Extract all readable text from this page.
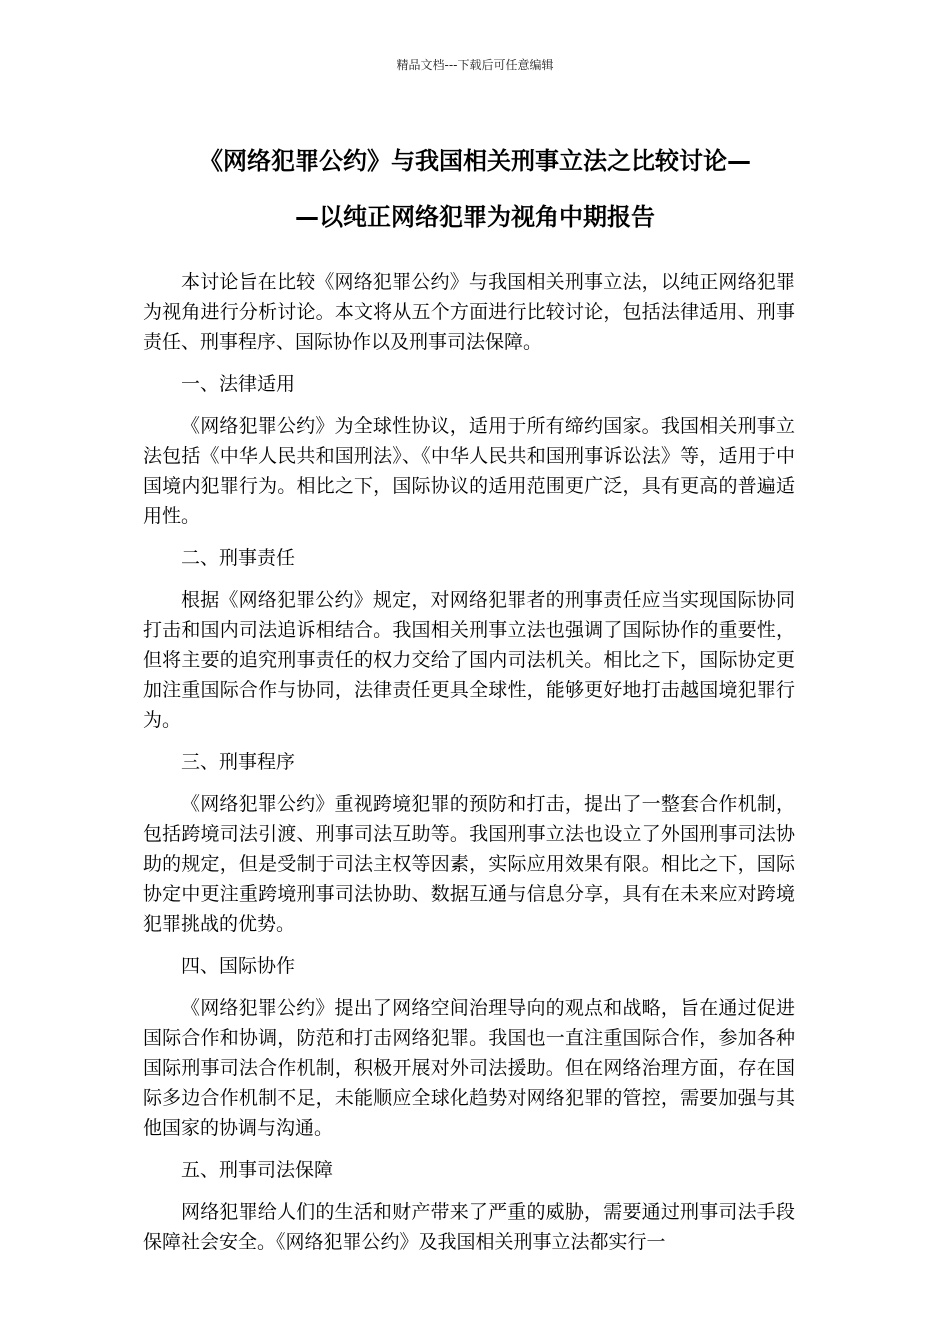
精品文档---下载后可任意编辑
《网络犯罪公约》与我国相关刑事立法之比较讨论—
—以纯正网络犯罪为视角中期报告

本讨论旨在比较《网络犯罪公约》与我国相关刑事立法，以纯正网络犯罪为视角进行分析讨论。本文将从五个方面进行比较讨论，包括法律适用、刑事责任、刑事程序、国际协作以及刑事司法保障。

一、法律适用

《网络犯罪公约》为全球性协议，适用于所有缔约国家。我国相关刑事立法包括《中华人民共和国刑法》、《中华人民共和国刑事诉讼法》等，适用于中国境内犯罪行为。相比之下，国际协议的适用范围更广泛，具有更高的普遍适用性。

二、刑事责任

根据《网络犯罪公约》规定，对网络犯罪者的刑事责任应当实现国际协同打击和国内司法追诉相结合。我国相关刑事立法也强调了国际协作的重要性，但将主要的追究刑事责任的权力交给了国内司法机关。相比之下，国际协定更加注重国际合作与协同，法律责任更具全球性，能够更好地打击越国境犯罪行为。

三、刑事程序

《网络犯罪公约》重视跨境犯罪的预防和打击，提出了一整套合作机制，包括跨境司法引渡、刑事司法互助等。我国刑事立法也设立了外国刑事司法协助的规定，但是受制于司法主权等因素，实际应用效果有限。相比之下，国际协定中更注重跨境刑事司法协助、数据互通与信息分享，具有在未来应对跨境犯罪挑战的优势。

四、国际协作

《网络犯罪公约》提出了网络空间治理导向的观点和战略，旨在通过促进国际合作和协调，防范和打击网络犯罪。我国也一直注重国际合作，参加各种国际刑事司法合作机制，积极开展对外司法援助。但在网络治理方面，存在国际多边合作机制不足，未能顺应全球化趋势对网络犯罪的管控，需要加强与其他国家的协调与沟通。

五、刑事司法保障

网络犯罪给人们的生活和财产带来了严重的威胁，需要通过刑事司法手段保障社会安全。《网络犯罪公约》及我国相关刑事立法都实行一
